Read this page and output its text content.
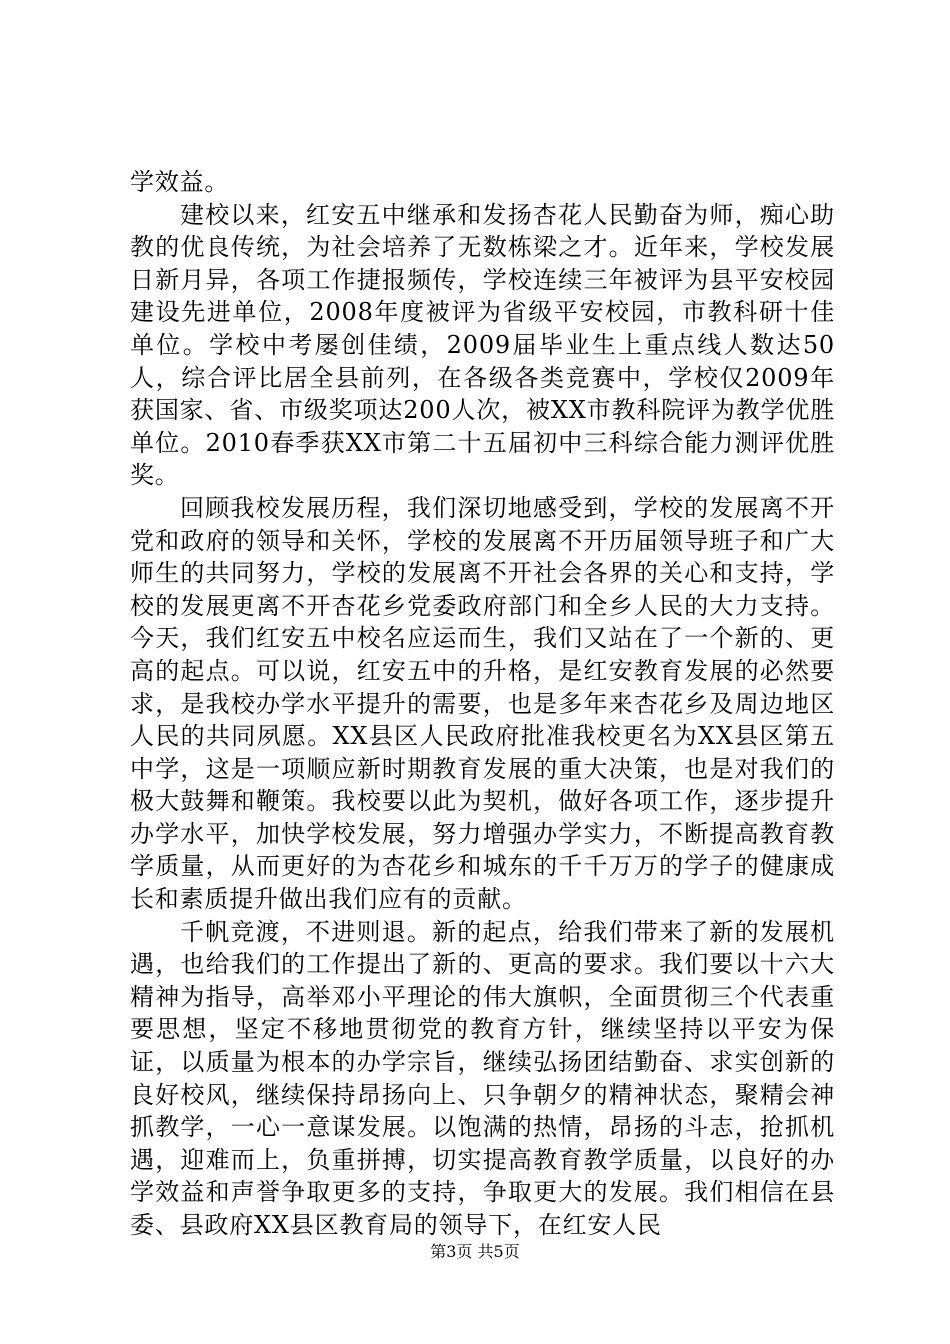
学效益。

建校以来，红安五中继承和发扬杏花人民勤奋为师，痴心助教的优良传统，为社会培养了无数栋梁之才。近年来，学校发展日新月异，各项工作捷报频传，学校连续三年被评为县平安校园建设先进单位，2008年度被评为省级平安校园，市教科研十佳单位。学校中考屡创佳绩，2009届毕业生上重点线人数达50人，综合评比居全县前列，在各级各类竞赛中，学校仅2009年获国家、省、市级奖项达200人次，被XX市教科院评为教学优胜单位。2010春季获XX市第二十五届初中三科综合能力测评优胜奖。

回顾我校发展历程，我们深切地感受到，学校的发展离不开党和政府的领导和关怀，学校的发展离不开历届领导班子和广大师生的共同努力，学校的发展离不开社会各界的关心和支持，学校的发展更离不开杏花乡党委政府部门和全乡人民的大力支持。今天，我们红安五中校名应运而生，我们又站在了一个新的、更高的起点。可以说，红安五中的升格，是红安教育发展的必然要求，是我校办学水平提升的需要，也是多年来杏花乡及周边地区人民的共同夙愿。XX县区人民政府批准我校更名为XX县区第五中学，这是一项顺应新时期教育发展的重大决策，也是对我们的极大鼓舞和鞭策。我校要以此为契机，做好各项工作，逐步提升办学水平，加快学校发展，努力增强办学实力，不断提高教育教学质量，从而更好的为杏花乡和城东的千千万万的学子的健康成长和素质提升做出我们应有的贡献。

千帆竞渡，不进则退。新的起点，给我们带来了新的发展机遇，也给我们的工作提出了新的、更高的要求。我们要以十六大精神为指导，高举邓小平理论的伟大旗帜，全面贯彻三个代表重要思想，坚定不移地贯彻党的教育方针，继续坚持以平安为保证，以质量为根本的办学宗旨，继续弘扬团结勤奋、求实创新的良好校风，继续保持昂扬向上、只争朝夕的精神状态，聚精会神抓教学，一心一意谋发展。以饱满的热情，昂扬的斗志，抢抓机遇，迎难而上，负重拼搏，切实提高教育教学质量，以良好的办学效益和声誉争取更多的支持，争取更大的发展。我们相信在县委、县政府XX县区教育局的领导下，在红安人民

第3页 共5页
